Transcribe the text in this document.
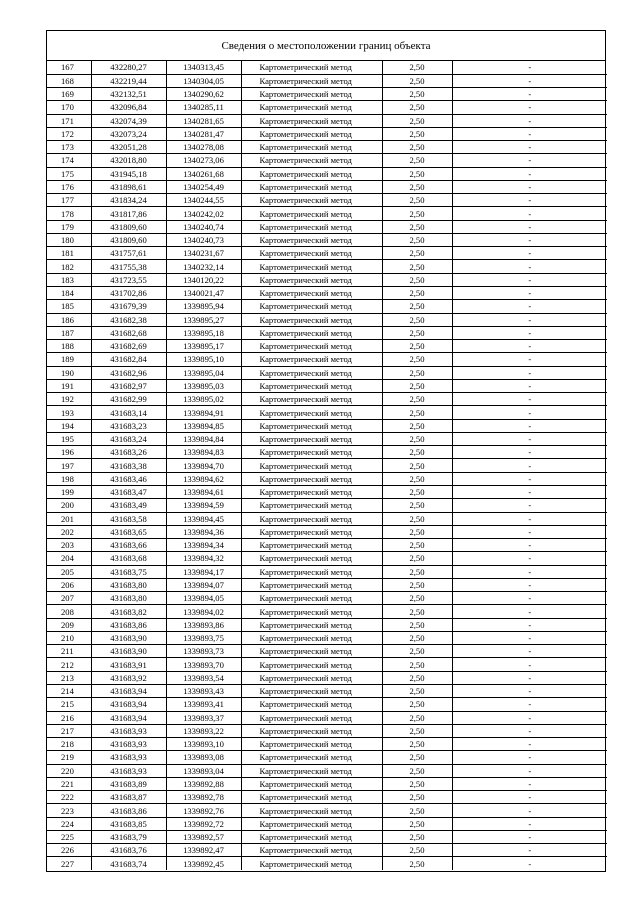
Сведения о местоположении границ объекта
167	432280,27	1340313,45	Картометрический метод	2,50	-
168	432219,44	1340304,05	Картометрический метод	2,50	-
169	432132,51	1340290,62	Картометрический метод	2,50	-
170	432096,84	1340285,11	Картометрический метод	2,50	-
171	432074,39	1340281,65	Картометрический метод	2,50	-
172	432073,24	1340281,47	Картометрический метод	2,50	-
173	432051,28	1340278,08	Картометрический метод	2,50	-
174	432018,80	1340273,06	Картометрический метод	2,50	-
175	431945,18	1340261,68	Картометрический метод	2,50	-
176	431898,61	1340254,49	Картометрический метод	2,50	-
177	431834,24	1340244,55	Картометрический метод	2,50	-
178	431817,86	1340242,02	Картометрический метод	2,50	-
179	431809,60	1340240,74	Картометрический метод	2,50	-
180	431809,60	1340240,73	Картометрический метод	2,50	-
181	431757,61	1340231,67	Картометрический метод	2,50	-
182	431755,38	1340232,14	Картометрический метод	2,50	-
183	431723,55	1340120,22	Картометрический метод	2,50	-
184	431702,86	1340021,47	Картометрический метод	2,50	-
185	431679,39	1339895,94	Картометрический метод	2,50	-
186	431682,38	1339895,27	Картометрический метод	2,50	-
187	431682,68	1339895,18	Картометрический метод	2,50	-
188	431682,69	1339895,17	Картометрический метод	2,50	-
189	431682,84	1339895,10	Картометрический метод	2,50	-
190	431682,96	1339895,04	Картометрический метод	2,50	-
191	431682,97	1339895,03	Картометрический метод	2,50	-
192	431682,99	1339895,02	Картометрический метод	2,50	-
193	431683,14	1339894,91	Картометрический метод	2,50	-
194	431683,23	1339894,85	Картометрический метод	2,50	-
195	431683,24	1339894,84	Картометрический метод	2,50	-
196	431683,26	1339894,83	Картометрический метод	2,50	-
197	431683,38	1339894,70	Картометрический метод	2,50	-
198	431683,46	1339894,62	Картометрический метод	2,50	-
199	431683,47	1339894,61	Картометрический метод	2,50	-
200	431683,49	1339894,59	Картометрический метод	2,50	-
201	431683,58	1339894,45	Картометрический метод	2,50	-
202	431683,65	1339894,36	Картометрический метод	2,50	-
203	431683,66	1339894,34	Картометрический метод	2,50	-
204	431683,68	1339894,32	Картометрический метод	2,50	-
205	431683,75	1339894,17	Картометрический метод	2,50	-
206	431683,80	1339894,07	Картометрический метод	2,50	-
207	431683,80	1339894,05	Картометрический метод	2,50	-
208	431683,82	1339894,02	Картометрический метод	2,50	-
209	431683,86	1339893,86	Картометрический метод	2,50	-
210	431683,90	1339893,75	Картометрический метод	2,50	-
211	431683,90	1339893,73	Картометрический метод	2,50	-
212	431683,91	1339893,70	Картометрический метод	2,50	-
213	431683,92	1339893,54	Картометрический метод	2,50	-
214	431683,94	1339893,43	Картометрический метод	2,50	-
215	431683,94	1339893,41	Картометрический метод	2,50	-
216	431683,94	1339893,37	Картометрический метод	2,50	-
217	431683,93	1339893,22	Картометрический метод	2,50	-
218	431683,93	1339893,10	Картометрический метод	2,50	-
219	431683,93	1339893,08	Картометрический метод	2,50	-
220	431683,93	1339893,04	Картометрический метод	2,50	-
221	431683,89	1339892,88	Картометрический метод	2,50	-
222	431683,87	1339892,78	Картометрический метод	2,50	-
223	431683,86	1339892,76	Картометрический метод	2,50	-
224	431683,85	1339892,72	Картометрический метод	2,50	-
225	431683,79	1339892,57	Картометрический метод	2,50	-
226	431683,76	1339892,47	Картометрический метод	2,50	-
227	431683,74	1339892,45	Картометрический метод	2,50	-
